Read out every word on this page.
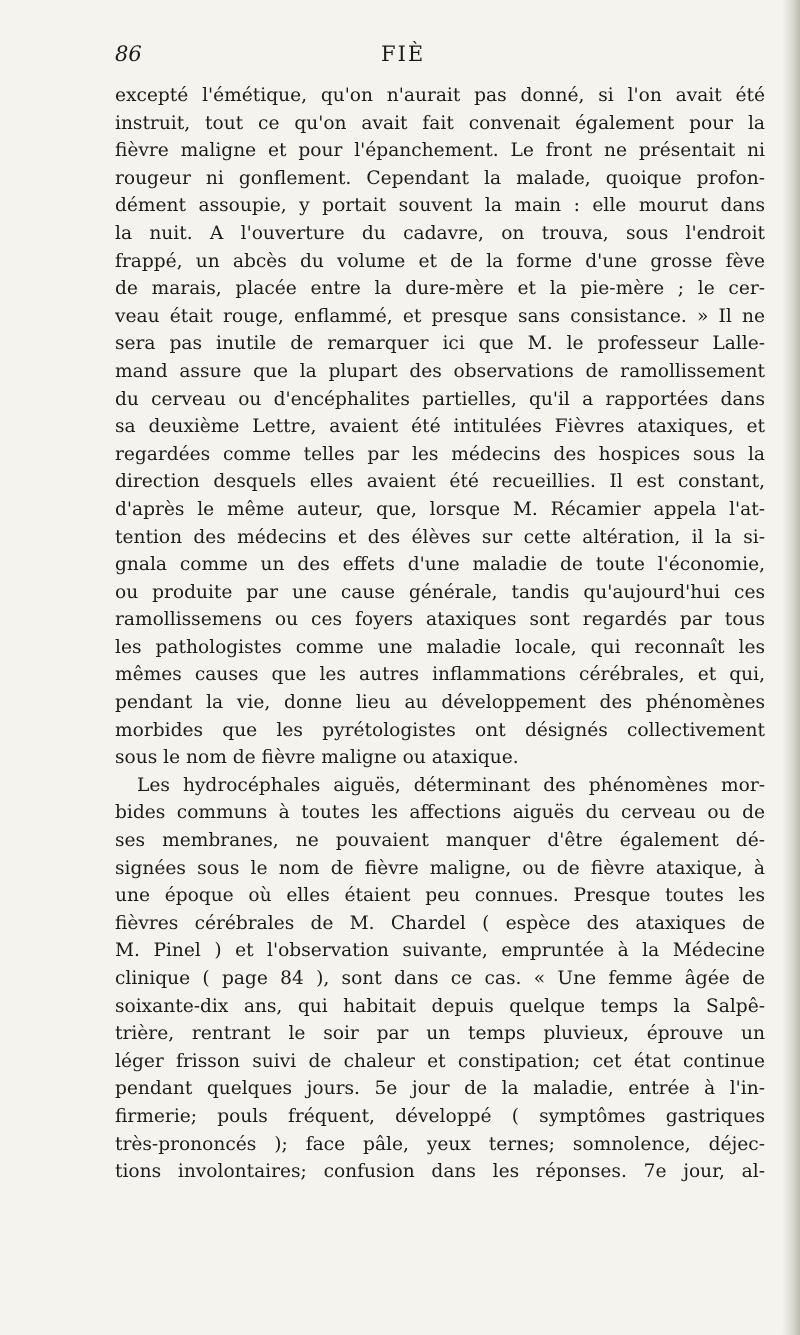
86	FIÈ
excepté l'émétique, qu'on n'aurait pas donné, si l'on avait été
instruit, tout ce qu'on avait fait convenait également pour la
fièvre maligne et pour l'épanchement. Le front ne présentait ni
rougeur ni gonflement. Cependant la malade, quoique profon-
dément assoupie, y portait souvent la main : elle mourut dans
la nuit. A l'ouverture du cadavre, on trouva, sous l'endroit
frappé, un abcès du volume et de la forme d'une grosse fève
de marais, placée entre la dure-mère et la pie-mère ; le cer-
veau était rouge, enflammé, et presque sans consistance. » Il ne
sera pas inutile de remarquer ici que M. le professeur Lalle-
mand assure que la plupart des observations de ramollissement
du cerveau ou d'encéphalites partielles, qu'il a rapportées dans
sa deuxième Lettre, avaient été intitulées Fièvres ataxiques, et
regardées comme telles par les médecins des hospices sous la
direction desquels elles avaient été recueillies. Il est constant,
d'après le même auteur, que, lorsque M. Récamier appela l'at-
tention des médecins et des élèves sur cette altération, il la si-
gnala comme un des effets d'une maladie de toute l'économie,
ou produite par une cause générale, tandis qu'aujourd'hui ces
ramollissemens ou ces foyers ataxiques sont regardés par tous
les pathologistes comme une maladie locale, qui reconnaît les
mêmes causes que les autres inflammations cérébrales, et qui,
pendant la vie, donne lieu au développement des phénomènes
morbides que les pyrétologistes ont désignés collectivement
sous le nom de fièvre maligne ou ataxique.
Les hydrocéphales aiguës, déterminant des phénomènes mor-
bides communs à toutes les affections aiguës du cerveau ou de
ses membranes, ne pouvaient manquer d'être également dé-
signées sous le nom de fièvre maligne, ou de fièvre ataxique, à
une époque où elles étaient peu connues. Presque toutes les
fièvres cérébrales de M. Chardel ( espèce des ataxiques de
M. Pinel ) et l'observation suivante, empruntée à la Médecine
clinique ( page 84 ), sont dans ce cas. « Une femme âgée de
soixante-dix ans, qui habitait depuis quelque temps la Salpê-
trière, rentrant le soir par un temps pluvieux, éprouve un
léger frisson suivi de chaleur et constipation; cet état continue
pendant quelques jours. 5e jour de la maladie, entrée à l'in-
firmerie; pouls fréquent, développé ( symptômes gastriques
très-prononcés ); face pâle, yeux ternes; somnolence, déjec-
tions involontaires; confusion dans les réponses. 7e jour, al-
